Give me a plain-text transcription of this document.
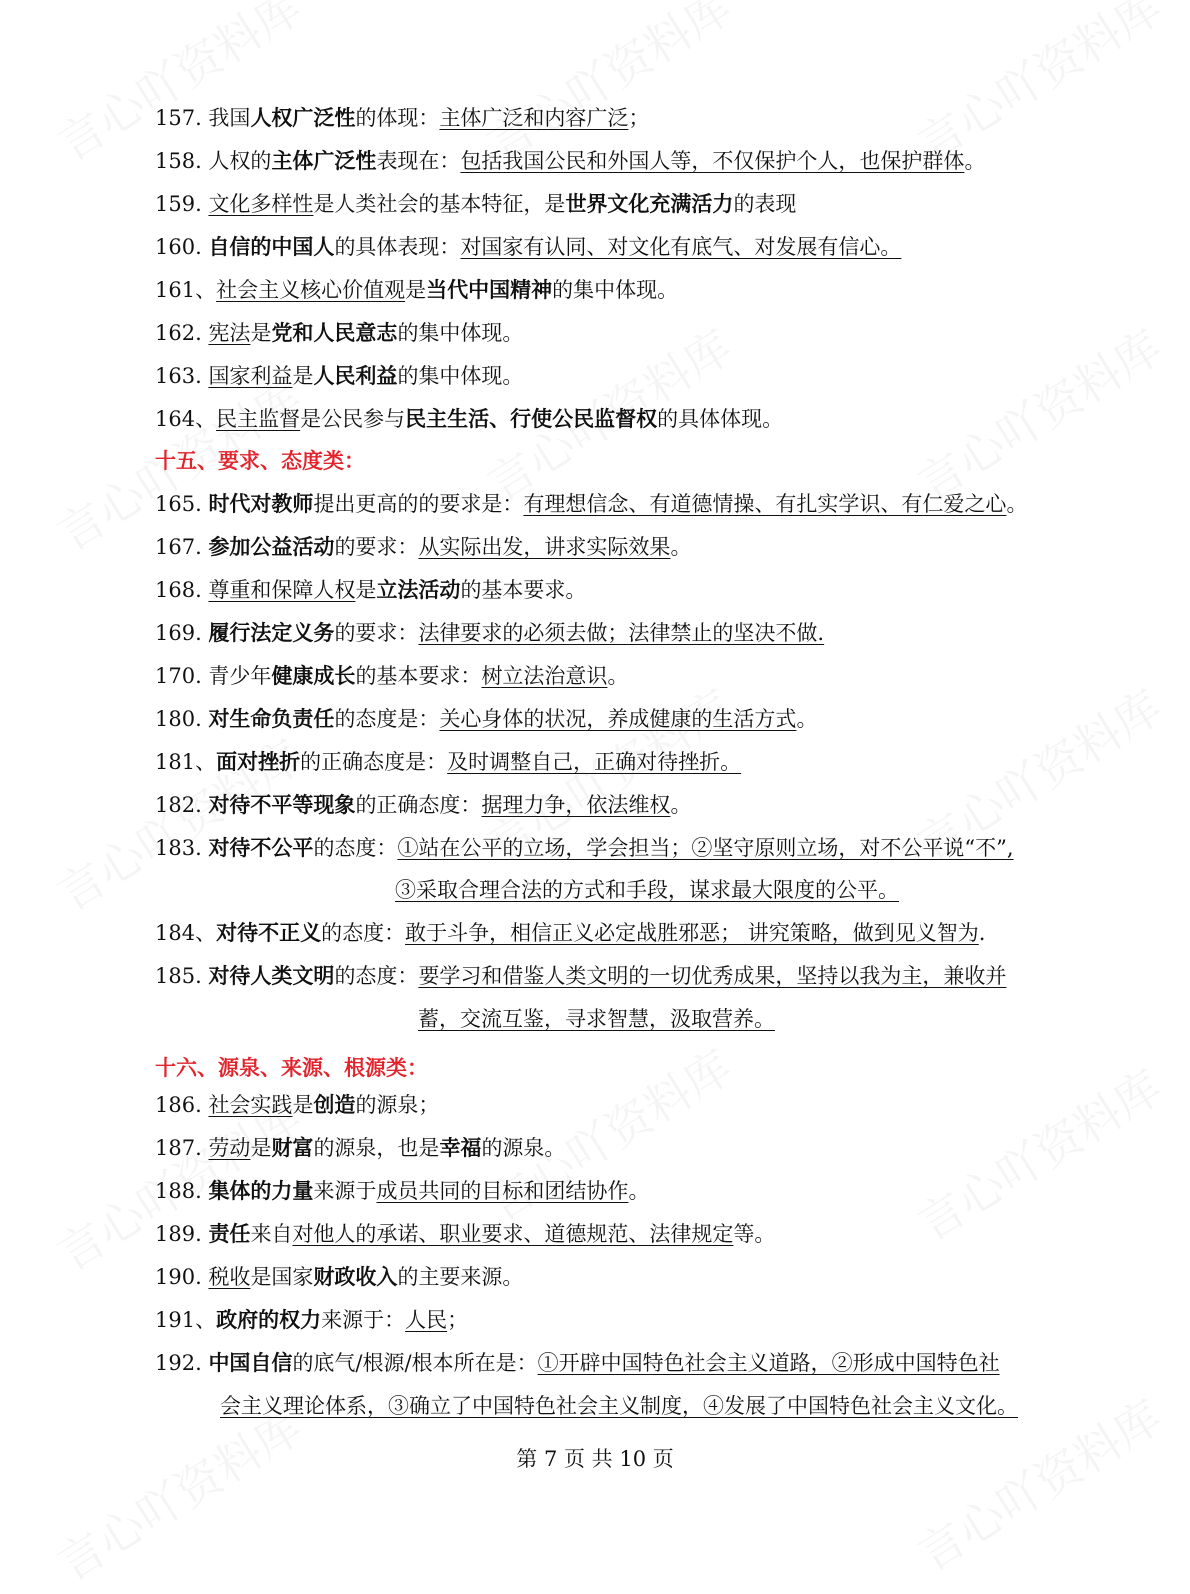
157. 我国人权广泛性的体现：主体广泛和内容广泛；
158. 人权的主体广泛性表现在：包括我国公民和外国人等，不仅保护个人，也保护群体。
159. 文化多样性是人类社会的基本特征，是世界文化充满活力的表现
160. 自信的中国人的具体表现：对国家有认同、对文化有底气、对发展有信心。
161、社会主义核心价值观是当代中国精神的集中体现。
162. 宪法是党和人民意志的集中体现。
163. 国家利益是人民利益的集中体现。
164、民主监督是公民参与民主生活、行使公民监督权的具体体现。
十五、要求、态度类：
165. 时代对教师提出更高的的要求是：有理想信念、有道德情操、有扎实学识、有仁爱之心。
167. 参加公益活动的要求：从实际出发，讲求实际效果。
168. 尊重和保障人权是立法活动的基本要求。
169. 履行法定义务的要求：法律要求的必须去做；法律禁止的坚决不做.
170. 青少年健康成长的基本要求：树立法治意识。
180. 对生命负责任的态度是：关心身体的状况，养成健康的生活方式。
181、面对挫折的正确态度是：及时调整自己，正确对待挫折。
182. 对待不平等现象的正确态度：据理力争，依法维权。
183. 对待不公平的态度：①站在公平的立场，学会担当；②坚守原则立场，对不公平说“不”,
③采取合理合法的方式和手段，谋求最大限度的公平。
184、对待不正义的态度：敢于斗争，相信正义必定战胜邪恶； 讲究策略，做到见义智为.
185. 对待人类文明的态度：要学习和借鉴人类文明的一切优秀成果，坚持以我为主，兼收并
蓄，交流互鉴，寻求智慧，汲取营养。
十六、源泉、来源、根源类：
186. 社会实践是创造的源泉；
187. 劳动是财富的源泉，也是幸福的源泉。
188. 集体的力量来源于成员共同的目标和团结协作。
189. 责任来自对他人的承诺、职业要求、道德规范、法律规定等。
190. 税收是国家财政收入的主要来源。
191、政府的权力来源于：人民；
192. 中国自信的底气/根源/根本所在是：①开辟中国特色社会主义道路，②形成中国特色社
会主义理论体系，③确立了中国特色社会主义制度，④发展了中国特色社会主义文化。
第 7 页 共 10 页
